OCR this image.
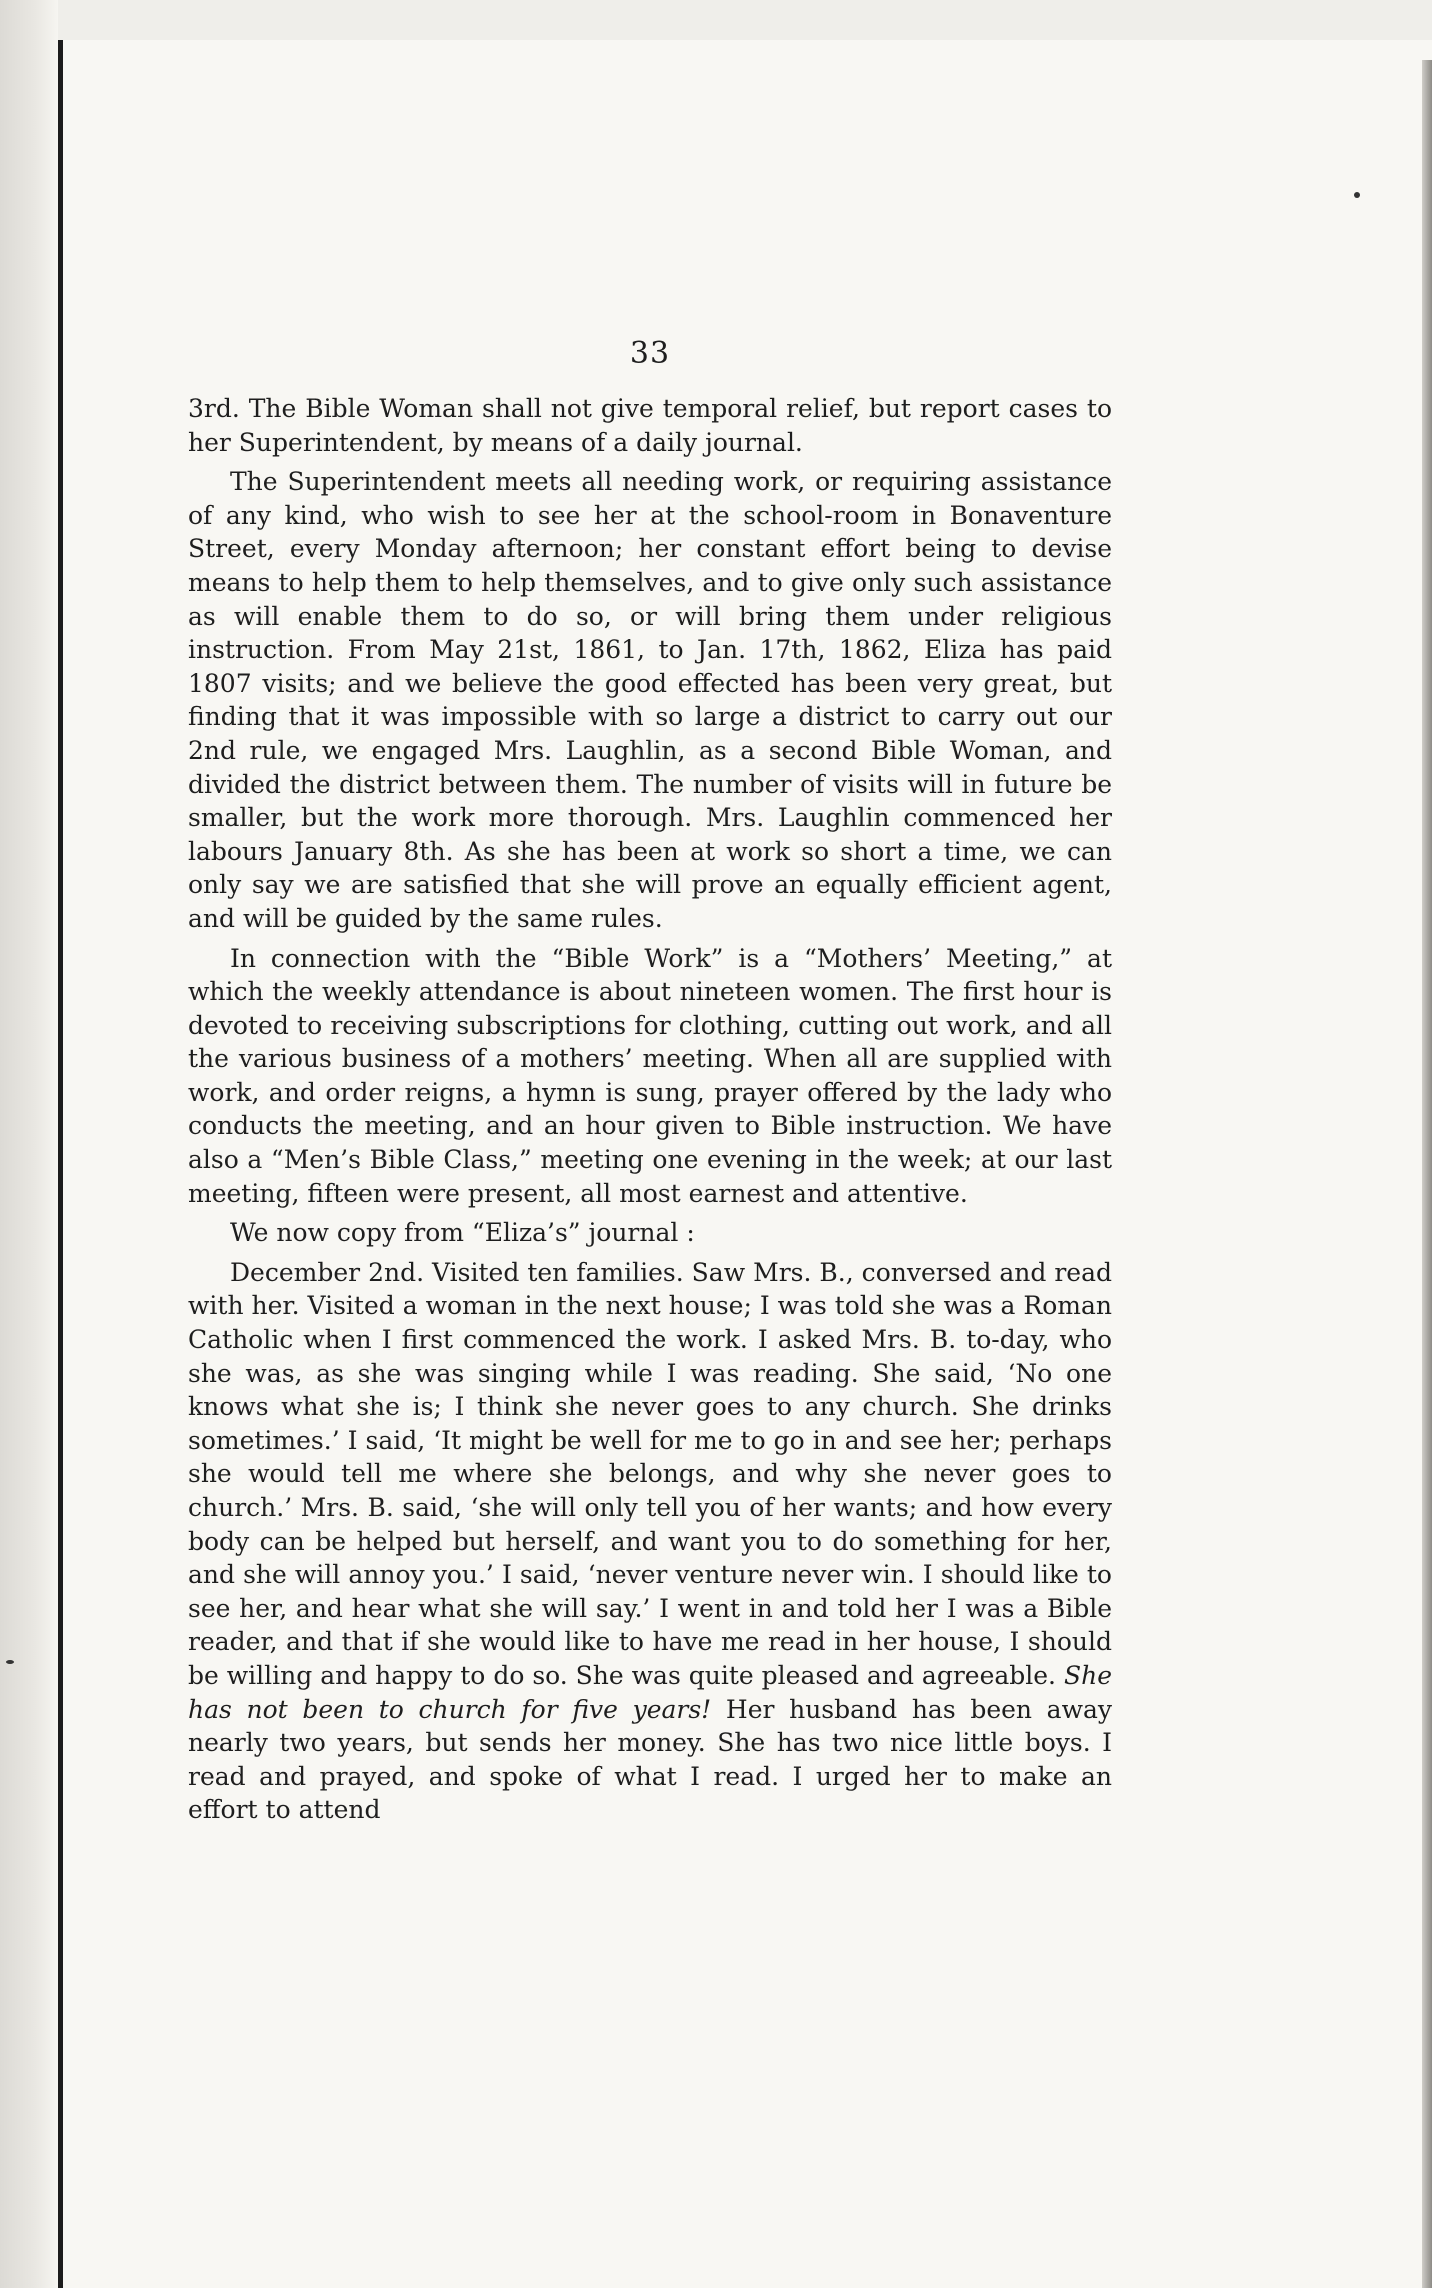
33

3rd. The Bible Woman shall not give temporal relief, but report cases to her Superintendent, by means of a daily journal.

The Superintendent meets all needing work, or requiring assistance of any kind, who wish to see her at the school-room in Bonaventure Street, every Monday afternoon; her constant effort being to devise means to help them to help themselves, and to give only such assistance as will enable them to do so, or will bring them under religious instruction. From May 21st, 1861, to Jan. 17th, 1862, Eliza has paid 1807 visits; and we believe the good effected has been very great, but finding that it was impossible with so large a district to carry out our 2nd rule, we engaged Mrs. Laughlin, as a second Bible Woman, and divided the district between them. The number of visits will in future be smaller, but the work more thorough. Mrs. Laughlin commenced her labours January 8th. As she has been at work so short a time, we can only say we are satisfied that she will prove an equally efficient agent, and will be guided by the same rules.

In connection with the “Bible Work” is a “Mothers’ Meeting,” at which the weekly attendance is about nineteen women. The first hour is devoted to receiving subscriptions for clothing, cutting out work, and all the various business of a mothers’ meeting. When all are supplied with work, and order reigns, a hymn is sung, prayer offered by the lady who conducts the meeting, and an hour given to Bible instruction. We have also a “Men’s Bible Class,” meeting one evening in the week; at our last meeting, fifteen were present, all most earnest and attentive.

We now copy from “Eliza’s” journal :

December 2nd. Visited ten families. Saw Mrs. B., conversed and read with her. Visited a woman in the next house; I was told she was a Roman Catholic when I first commenced the work. I asked Mrs. B. to-day, who she was, as she was singing while I was reading. She said, ‘No one knows what she is; I think she never goes to any church. She drinks sometimes.’ I said, ‘It might be well for me to go in and see her; perhaps she would tell me where she belongs, and why she never goes to church.’ Mrs. B. said, ‘she will only tell you of her wants; and how every body can be helped but herself, and want you to do something for her, and she will annoy you.’ I said, ‘never venture never win. I should like to see her, and hear what she will say.’ I went in and told her I was a Bible reader, and that if she would like to have me read in her house, I should be willing and happy to do so. She was quite pleased and agreeable. She has not been to church for five years! Her husband has been away nearly two years, but sends her money. She has two nice little boys. I read and prayed, and spoke of what I read. I urged her to make an effort to attend
